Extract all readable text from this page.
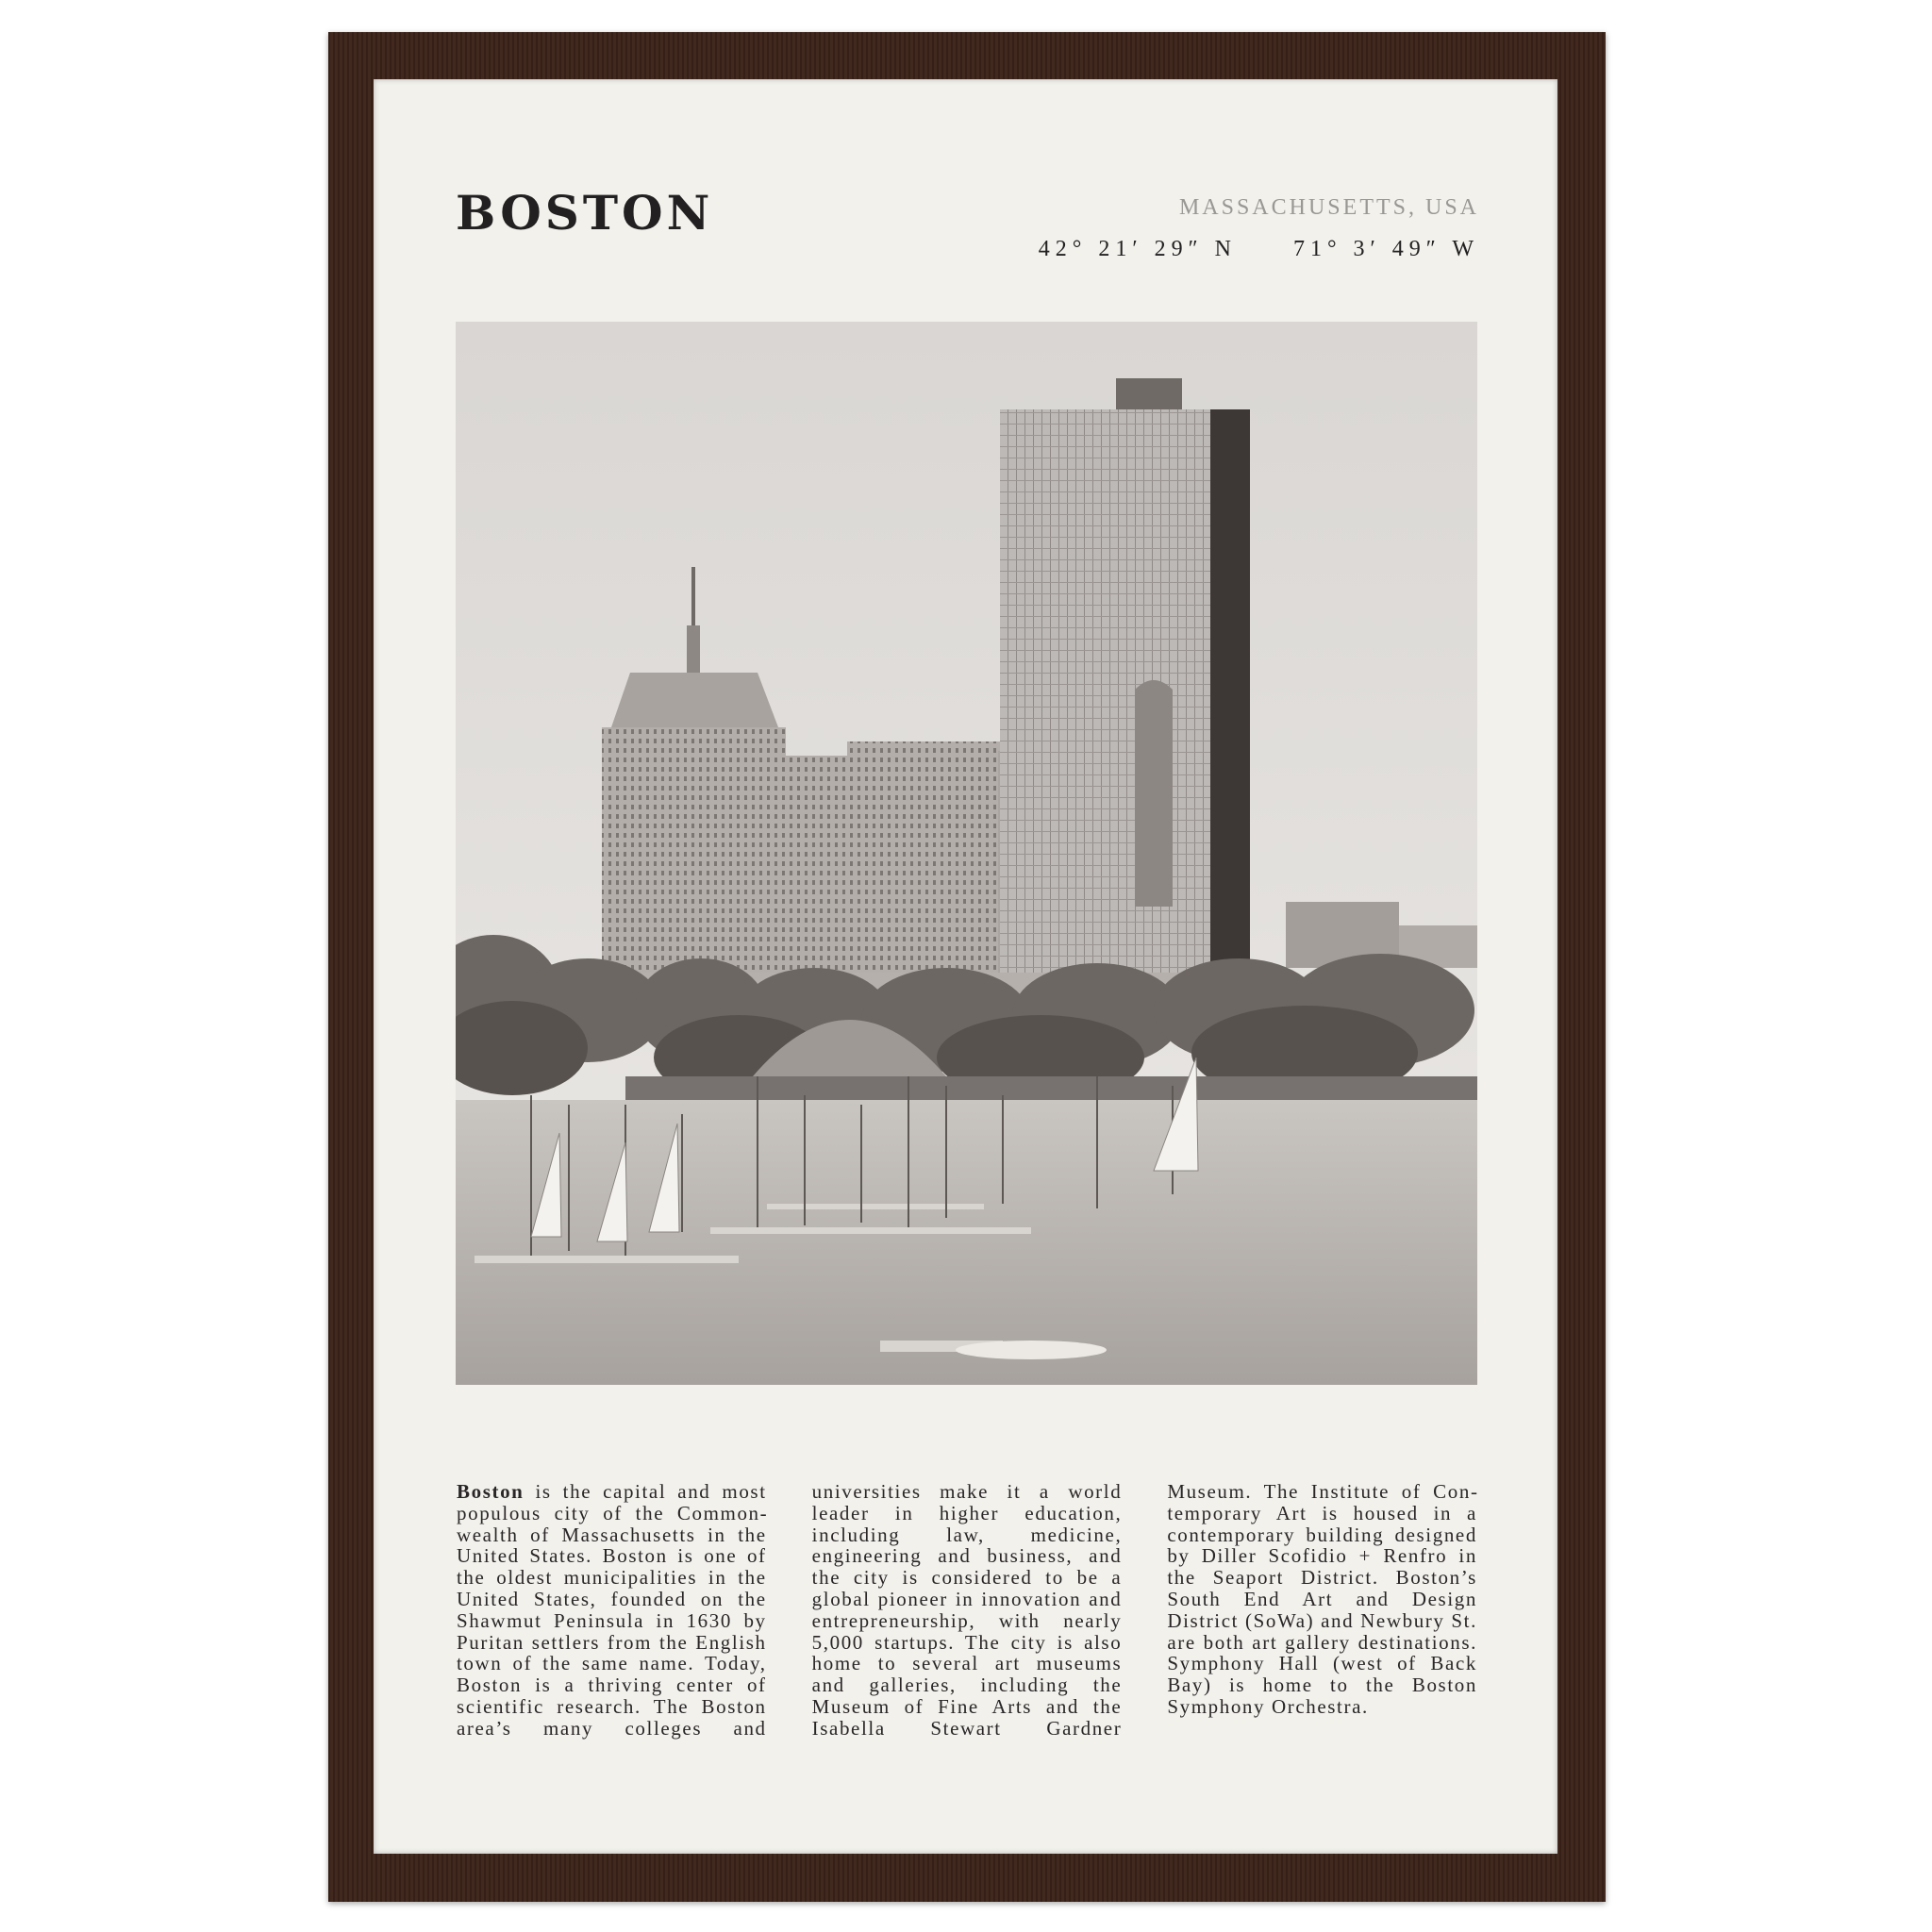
BOSTON	MASSACHUSETTS, USA
42° 21′ 29″ N	71° 3′ 49″ W
Boston is the capital and most populous city of the Commonwealth of Massachusetts in the United States. Boston is one of the oldest municipalities in the United States, founded on the Shawmut Peninsula in 1630 by Puritan settlers from the English town of the same name. Today, Boston is a thriving center of scientific research. The Boston area’s many colleges and universities make it a world leader in higher education, including law, medicine, engineering and business, and the city is considered to be a global pioneer in innovation and entrepreneurship, with nearly 5,000 startups. The city is also home to several art museums and galleries, including the Museum of Fine Arts and the Isabella Stewart Gardner Museum. The Institute of Contemporary Art is housed in a contemporary building designed by Diller Scofidio + Renfro in the Seaport District. Boston’s South End Art and Design District (SoWa) and Newbury St. are both art gallery destinations. Symphony Hall (west of Back Bay) is home to the Boston Symphony Orchestra.
